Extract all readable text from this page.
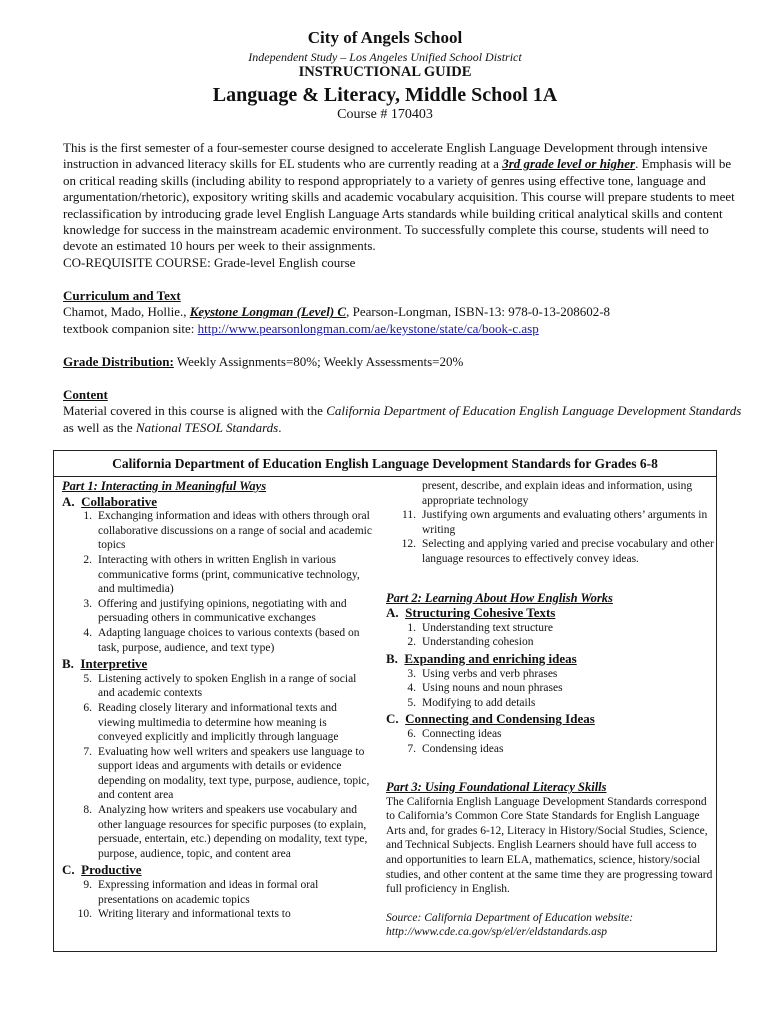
City of Angels School
Independent Study – Los Angeles Unified School District
INSTRUCTIONAL GUIDE
Language & Literacy, Middle School 1A
Course # 170403
This is the first semester of a four-semester course designed to accelerate English Language Development through intensive instruction in advanced literacy skills for EL students who are currently reading at a 3rd grade level or higher. Emphasis will be on critical reading skills (including ability to respond appropriately to a variety of genres using effective tone, language and argumentation/rhetoric), expository writing skills and academic vocabulary acquisition. This course will prepare students to meet reclassification by introducing grade level English Language Arts standards while building critical analytical skills and content knowledge for success in the mainstream academic environment. To successfully complete this course, students will need to devote an estimated 10 hours per week to their assignments.
CO-REQUISITE COURSE: Grade-level English course
Curriculum and Text
Chamot, Mado, Hollie., Keystone Longman (Level) C, Pearson-Longman, ISBN-13: 978-0-13-208602-8
textbook companion site: http://www.pearsonlongman.com/ae/keystone/state/ca/book-c.asp
Grade Distribution: Weekly Assignments=80%; Weekly Assessments=20%
Content
Material covered in this course is aligned with the California Department of Education English Language Development Standards as well as the National TESOL Standards.
California Department of Education English Language Development Standards for Grades 6-8
Part 1: Interacting in Meaningful Ways
A. Collaborative
1. Exchanging information and ideas with others through oral collaborative discussions on a range of social and academic topics
2. Interacting with others in written English in various communicative forms (print, communicative technology, and multimedia)
3. Offering and justifying opinions, negotiating with and persuading others in communicative exchanges
4. Adapting language choices to various contexts (based on task, purpose, audience, and text type)
B. Interpretive
5. Listening actively to spoken English in a range of social and academic contexts
6. Reading closely literary and informational texts and viewing multimedia to determine how meaning is conveyed explicitly and implicitly through language
7. Evaluating how well writers and speakers use language to support ideas and arguments with details or evidence depending on modality, text type, purpose, audience, topic, and content area
8. Analyzing how writers and speakers use vocabulary and other language resources for specific purposes (to explain, persuade, entertain, etc.) depending on modality, text type, purpose, audience, topic, and content area
C. Productive
9. Expressing information and ideas in formal oral presentations on academic topics
10. Writing literary and informational texts to
present, describe, and explain ideas and information, using appropriate technology
11. Justifying own arguments and evaluating others’ arguments in writing
12. Selecting and applying varied and precise vocabulary and other language resources to effectively convey ideas.
Part 2: Learning About How English Works
A. Structuring Cohesive Texts
1. Understanding text structure
2. Understanding cohesion
B. Expanding and enriching ideas
3. Using verbs and verb phrases
4. Using nouns and noun phrases
5. Modifying to add details
C. Connecting and Condensing Ideas
6. Connecting ideas
7. Condensing ideas
Part 3: Using Foundational Literacy Skills
The California English Language Development Standards correspond to California’s Common Core State Standards for English Language Arts and, for grades 6-12, Literacy in History/Social Studies, Science, and Technical Subjects. English Learners should have full access to and opportunities to learn ELA, mathematics, science, history/social studies, and other content at the same time they are progressing toward full proficiency in English.
Source: California Department of Education website:
http://www.cde.ca.gov/sp/el/er/eldstandards.asp
